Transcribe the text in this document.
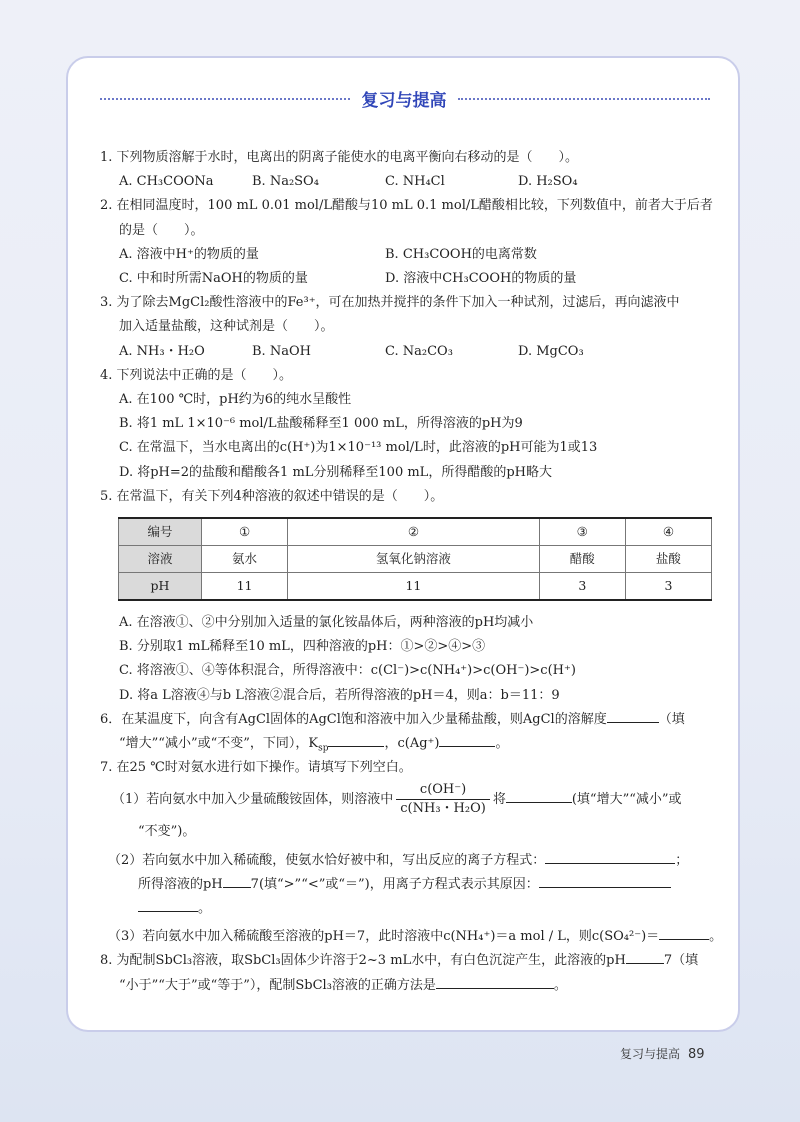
复习与提高
1. 下列物质溶解于水时，电离出的阴离子能使水的电离平衡向右移动的是（　　）。
A. CH₃COONa	B. Na₂SO₄	C. NH₄Cl	D. H₂SO₄
2. 在相同温度时，100 mL 0.01 mol/L醋酸与10 mL 0.1 mol/L醋酸相比较，下列数值中，前者大于后者
的是（　　）。
A. 溶液中H⁺的物质的量	B. CH₃COOH的电离常数
C. 中和时所需NaOH的物质的量	D. 溶液中CH₃COOH的物质的量
3. 为了除去MgCl₂酸性溶液中的Fe³⁺，可在加热并搅拌的条件下加入一种试剂，过滤后，再向滤液中
加入适量盐酸，这种试剂是（　　）。
A. NH₃・H₂O	B. NaOH	C. Na₂CO₃	D. MgCO₃
4. 下列说法中正确的是（　　）。
A. 在100 ℃时，pH约为6的纯水呈酸性
B. 将1 mL 1×10⁻⁶ mol/L盐酸稀释至1 000 mL，所得溶液的pH为9
C. 在常温下，当水电离出的c(H⁺)为1×10⁻¹³ mol/L时，此溶液的pH可能为1或13
D. 将pH=2的盐酸和醋酸各1 mL分别稀释至100 mL，所得醋酸的pH略大
5. 在常温下，有关下列4种溶液的叙述中错误的是（　　）。
编号	①	②	③	④
溶液	氨水	氢氧化钠溶液	醋酸	盐酸
pH	11	11	3	3
A. 在溶液①、②中分别加入适量的氯化铵晶体后，两种溶液的pH均减小
B. 分别取1 mL稀释至10 mL，四种溶液的pH：①>②>④>③
C. 将溶液①、④等体积混合，所得溶液中：c(Cl⁻)>c(NH₄⁺)>c(OH⁻)>c(H⁺)
D. 将a L溶液④与b L溶液②混合后，若所得溶液的pH＝4，则a：b＝11：9
6．在某温度下，向含有AgCl固体的AgCl饱和溶液中加入少量稀盐酸，则AgCl的溶解度	（填
“增大”“减小”或“不变”，下同），$K_{sp}$	，c(Ag⁺)	。
7. 在25 ℃时对氨水进行如下操作。请填写下列空白。
（1）若向氨水中加入少量硫酸铵固体，则溶液中 $\frac{c(OH^-)}{\text{c(NH₃・H₂O)}}$ 将	(填“增大”“减小”或
“不变”)。
（2）若向氨水中加入稀硫酸，使氨水恰好被中和，写出反应的离子方程式：	；
所得溶液的pH 7(填“>”“<”或“＝”)，用离子方程式表示其原因：
。
（3）若向氨水中加入稀硫酸至溶液的pH＝7，此时溶液中c(NH₄⁺)＝a mol / L，则c(SO₄²⁻)＝	。
8. 为配制SbCl₃溶液，取SbCl₃固体少许溶于2~3 mL水中，有白色沉淀产生，此溶液的pH	7（填
“小于”“大于”或“等于”），配制SbCl₃溶液的正确方法是	。
复习与提高 89
